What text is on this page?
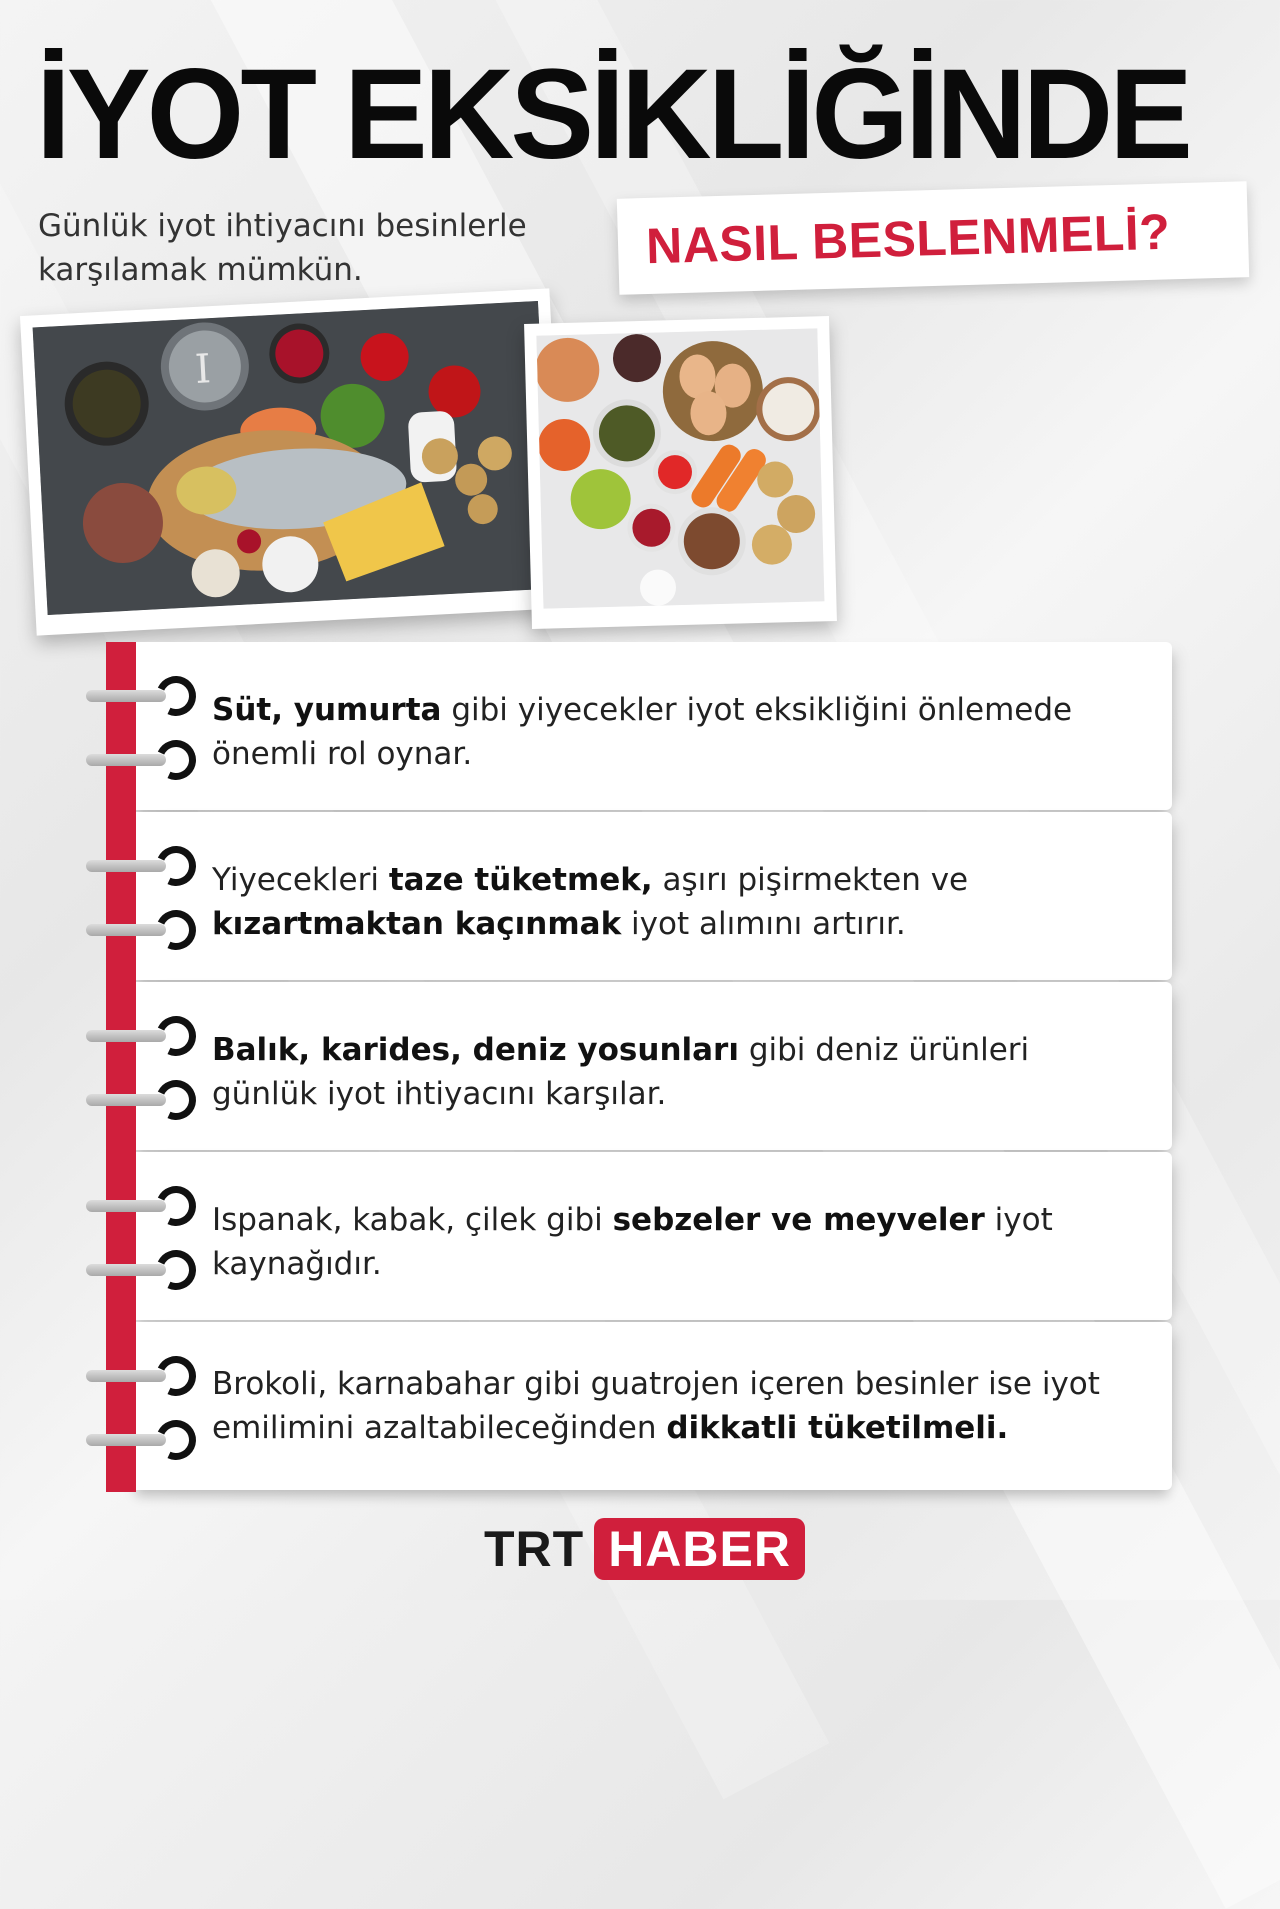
İYOT EKSİKLİĞİNDE
Günlük iyot ihtiyacını besinlerle
karşılamak mümkün.	NASIL BESLENMELİ?
I
Süt, yumurta gibi yiyecekler iyot eksikliğini önlemede önemli rol oynar.
Yiyecekleri taze tüketmek, aşırı pişirmekten ve kızartmaktan kaçınmak iyot alımını artırır.
Balık, karides, deniz yosunları gibi deniz ürünleri günlük iyot ihtiyacını karşılar.
Ispanak, kabak, çilek gibi sebzeler ve meyveler iyot kaynağıdır.
Brokoli, karnabahar gibi guatrojen içeren besinler ise iyot emilimini azaltabileceğinden dikkatli tüketilmeli.
TRT HABER
